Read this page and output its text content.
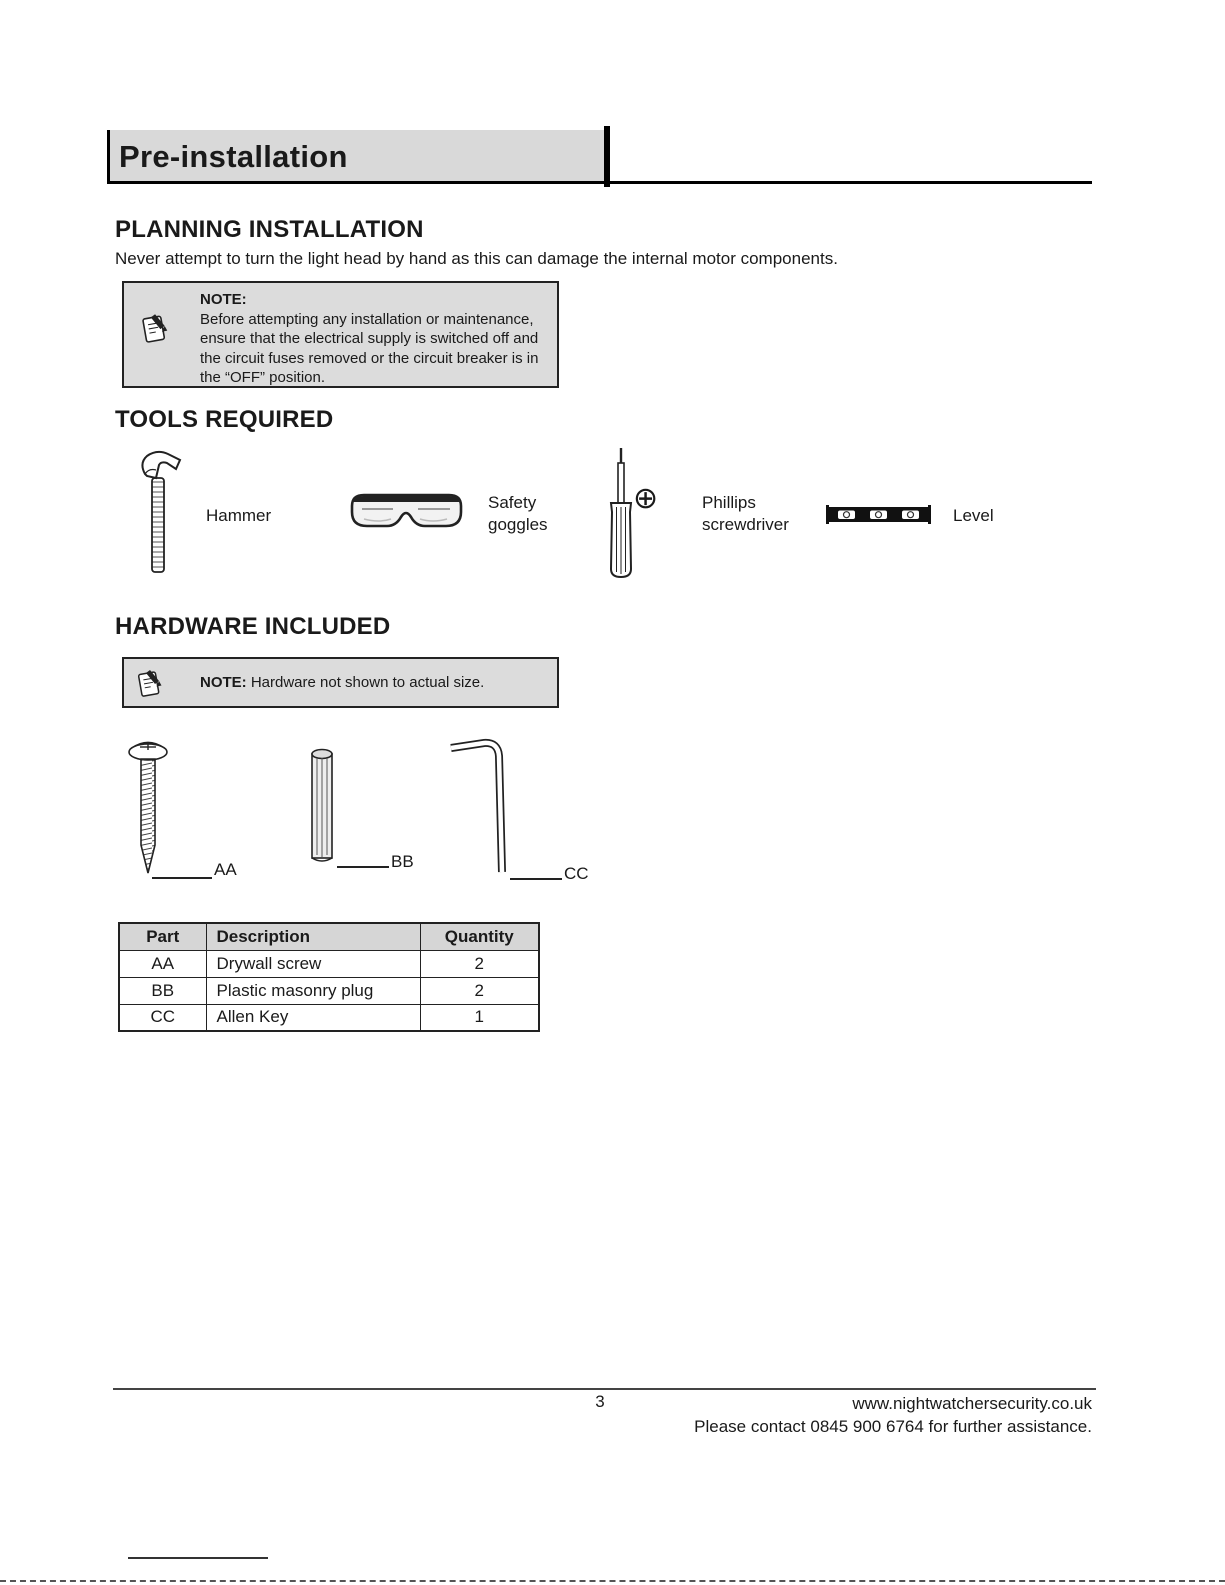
Pre-installation
PLANNING INSTALLATION

Never attempt to turn the light head by hand as this can damage the internal motor components.

NOTE:
Before attempting any installation or maintenance, ensure that the electrical supply is switched off and the circuit fuses removed or the circuit breaker is in the “OFF” position.
TOOLS REQUIRED
Hammer
Safety goggles
⊕	Phillips screwdriver	Level
HARDWARE INCLUDED
NOTE: Hardware not shown to actual size.
AA	BB
CC
Part	Description	Quantity
AA	Drywall screw	2
BB	Plastic masonry plug	2
CC	Allen Key	1
3	www.nightwatchersecurity.co.uk
Please contact 0845 900 6764 for further assistance.
